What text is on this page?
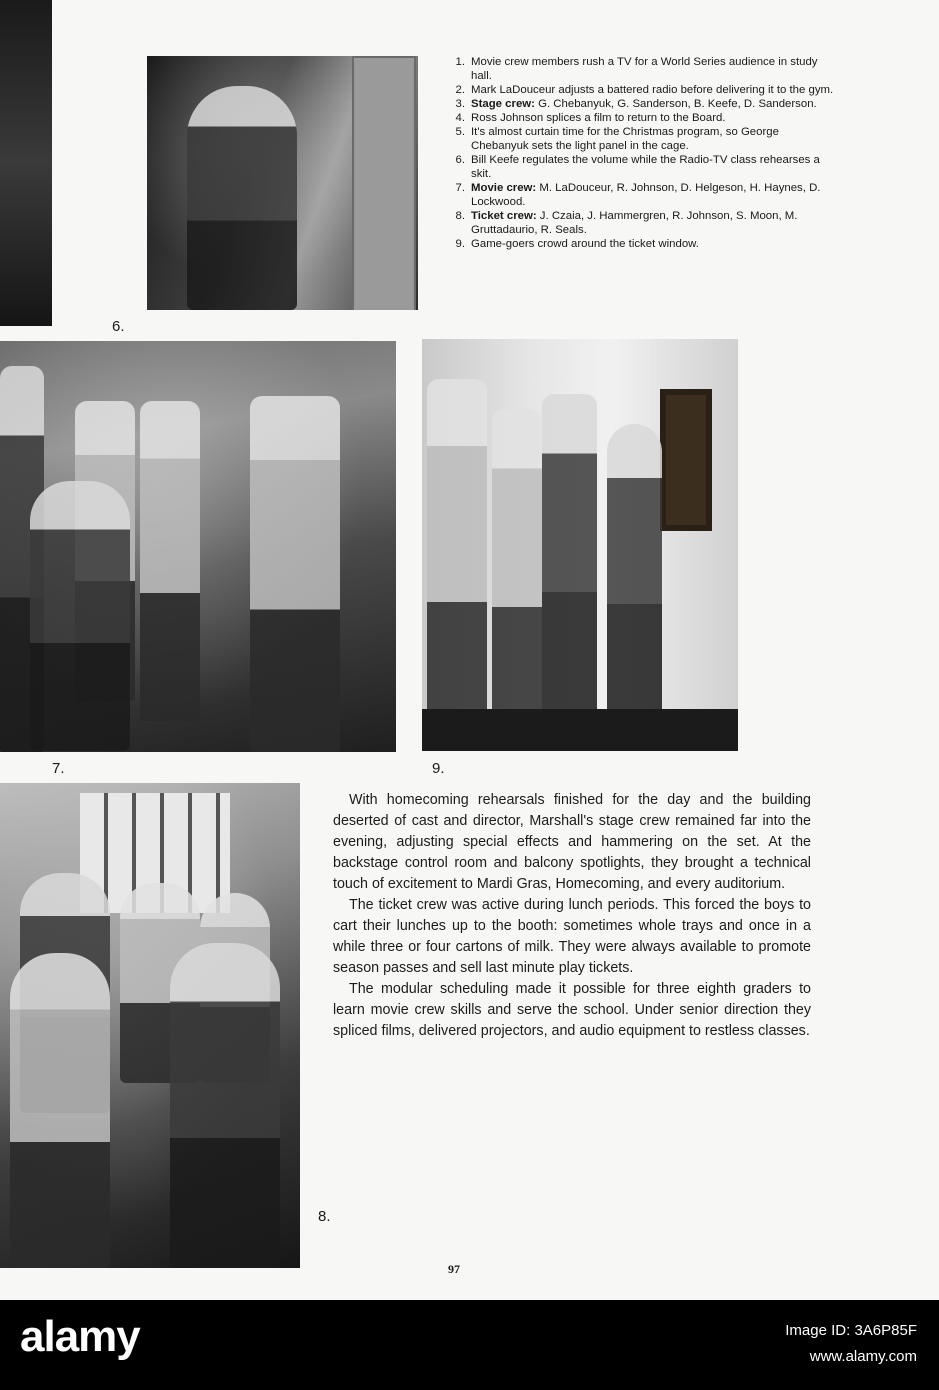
6.
1. Movie crew members rush a TV for a World Series audience in study hall.
2. Mark LaDouceur adjusts a battered radio before delivering it to the gym.
3. Stage crew: G. Chebanyuk, G. Sanderson, B. Keefe, D. Sanderson.
4. Ross Johnson splices a film to return to the Board.
5. It's almost curtain time for the Christmas program, so George Chebanyuk sets the light panel in the cage.
6. Bill Keefe regulates the volume while the Radio-TV class rehearses a skit.
7. Movie crew: M. LaDouceur, R. Johnson, D. Helgeson, H. Haynes, D. Lockwood.
8. Ticket crew: J. Czaia, J. Hammergren, R. Johnson, S. Moon, M. Gruttadaurio, R. Seals.
9. Game-goers crowd around the ticket window.
7.	9.
8.

With homecoming rehearsals finished for the day and the building deserted of cast and director, Marshall's stage crew remained far into the evening, adjusting special effects and hammering on the set. At the backstage control room and balcony spotlights, they brought a technical touch of excitement to Mardi Gras, Homecoming, and every auditorium.

The ticket crew was active during lunch periods. This forced the boys to cart their lunches up to the booth: sometimes whole trays and once in a while three or four cartons of milk. They were always available to promote season passes and sell last minute play tickets.

The modular scheduling made it possible for three eighth graders to learn movie crew skills and serve the school. Under senior direction they spliced films, delivered projectors, and audio equipment to restless classes.

97
alamy	Image ID: 3A6P85F
www.alamy.com
